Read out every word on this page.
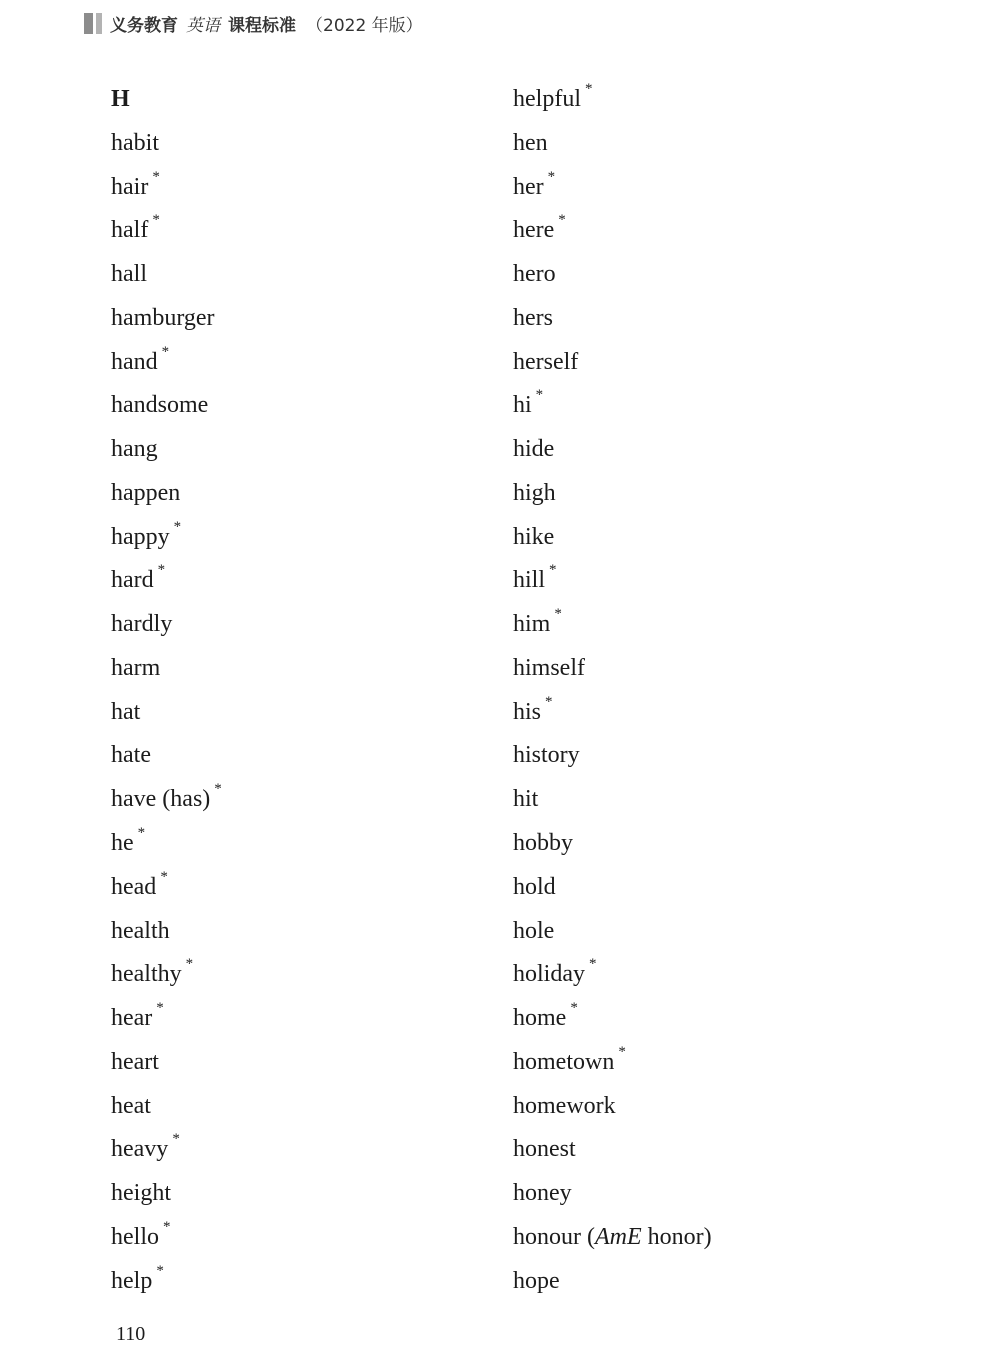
义务教育 英语 课程标准 （2022 年版）
H
habit
hair *
half *
hall
hamburger
hand *
handsome
hang
happen
happy *
hard *
hardly
harm
hat
hate
have (has) *
he *
head *
health
healthy *
hear *
heart
heat
heavy *
height
hello *
help *
helpful *
hen
her *
here *
hero
hers
herself
hi *
hide
high
hike
hill *
him *
himself
his *
history
hit
hobby
hold
hole
holiday *
home *
hometown *
homework
honest
honey
honour (AmE honor)
hope
110
